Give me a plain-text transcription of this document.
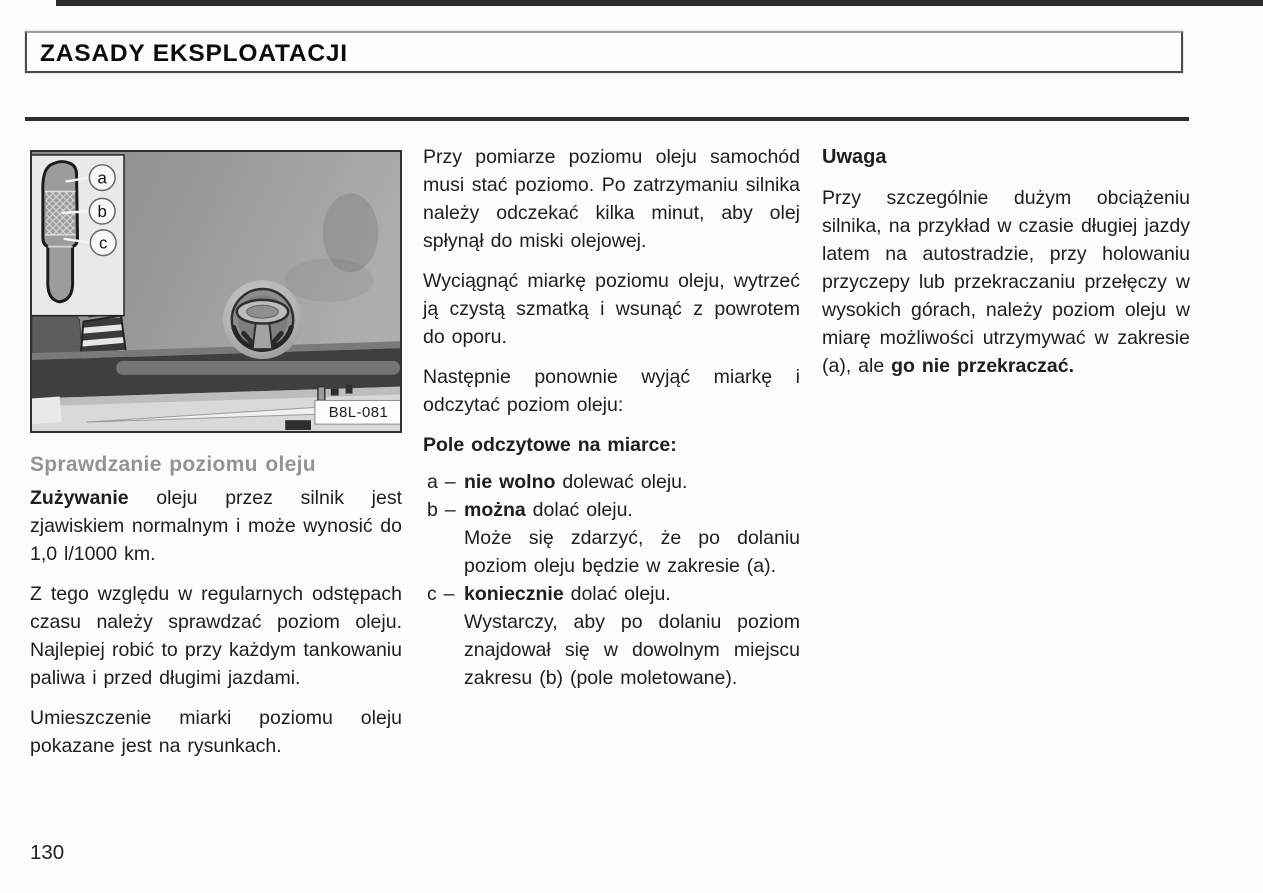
ZASADY EKSPLOATACJI
a
b
c
B8L-081
Sprawdzanie poziomu oleju

Zużywanie oleju przez silnik jest zjawiskiem normalnym i może wynosić do 1,0 l/1000 km.

Z tego względu w regularnych odstępach czasu należy sprawdzać poziom oleju. Najlepiej robić to przy każdym tankowaniu paliwa i przed długimi jazdami.

Umieszczenie miarki poziomu oleju pokazane jest na rysunkach.

Przy pomiarze poziomu oleju samochód musi stać poziomo. Po zatrzymaniu silnika należy odczekać kilka minut, aby olej spłynął do miski olejowej.

Wyciągnąć miarkę poziomu oleju, wytrzeć ją czystą szmatką i wsunąć z powrotem do oporu.

Następnie ponownie wyjąć miarkę i odczytać poziom oleju:

Pole odczytowe na miarce:
a – nie wolno dolewać oleju.
b – można dolać oleju.
Może się zdarzyć, że po dolaniu poziom oleju będzie w zakresie (a).
c – koniecznie dolać oleju.
Wystarczy, aby po dolaniu poziom znajdował się w dowolnym miejscu zakresu (b) (pole moletowane).
Uwaga

Przy szczególnie dużym obciążeniu silnika, na przykład w czasie długiej jazdy latem na autostradzie, przy holowaniu przyczepy lub przekraczaniu przełęczy w wysokich górach, należy poziom oleju w miarę możliwości utrzymywać w zakresie (a), ale go nie przekraczać.

130
